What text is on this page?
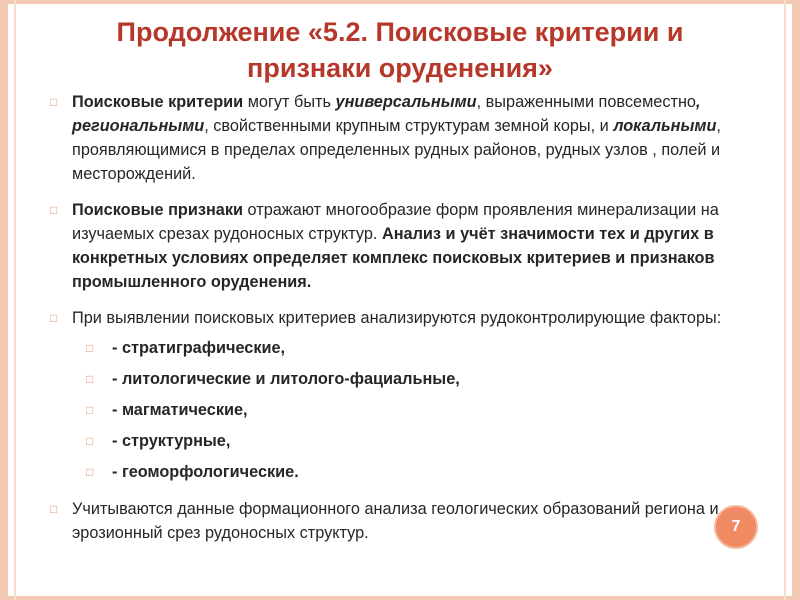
Продолжение «5.2. Поисковые критерии и признаки оруденения»

□ Поисковые критерии могут быть универсальными, выраженными повсеместно, региональными, свойственными крупным структурам земной коры, и локальными, проявляющимися в пределах определенных рудных районов, рудных узлов , полей и месторождений.

□ Поисковые признаки отражают многообразие форм проявления минерализации на изучаемых срезах рудоносных структур. Анализ и учёт значимости тех и других в конкретных условиях определяет комплекс поисковых критериев и признаков промышленного оруденения.

□ При выявлении поисковых критериев анализируются рудоконтролирующие факторы:

□ - стратиграфические,
□ - литологические и литолого-фациальные,
□ - магматические,
□ - структурные,
□ - геоморфологические.

□ Учитываются данные формационного анализа геологических образований региона и эрозионный срез рудоносных структур.	7
